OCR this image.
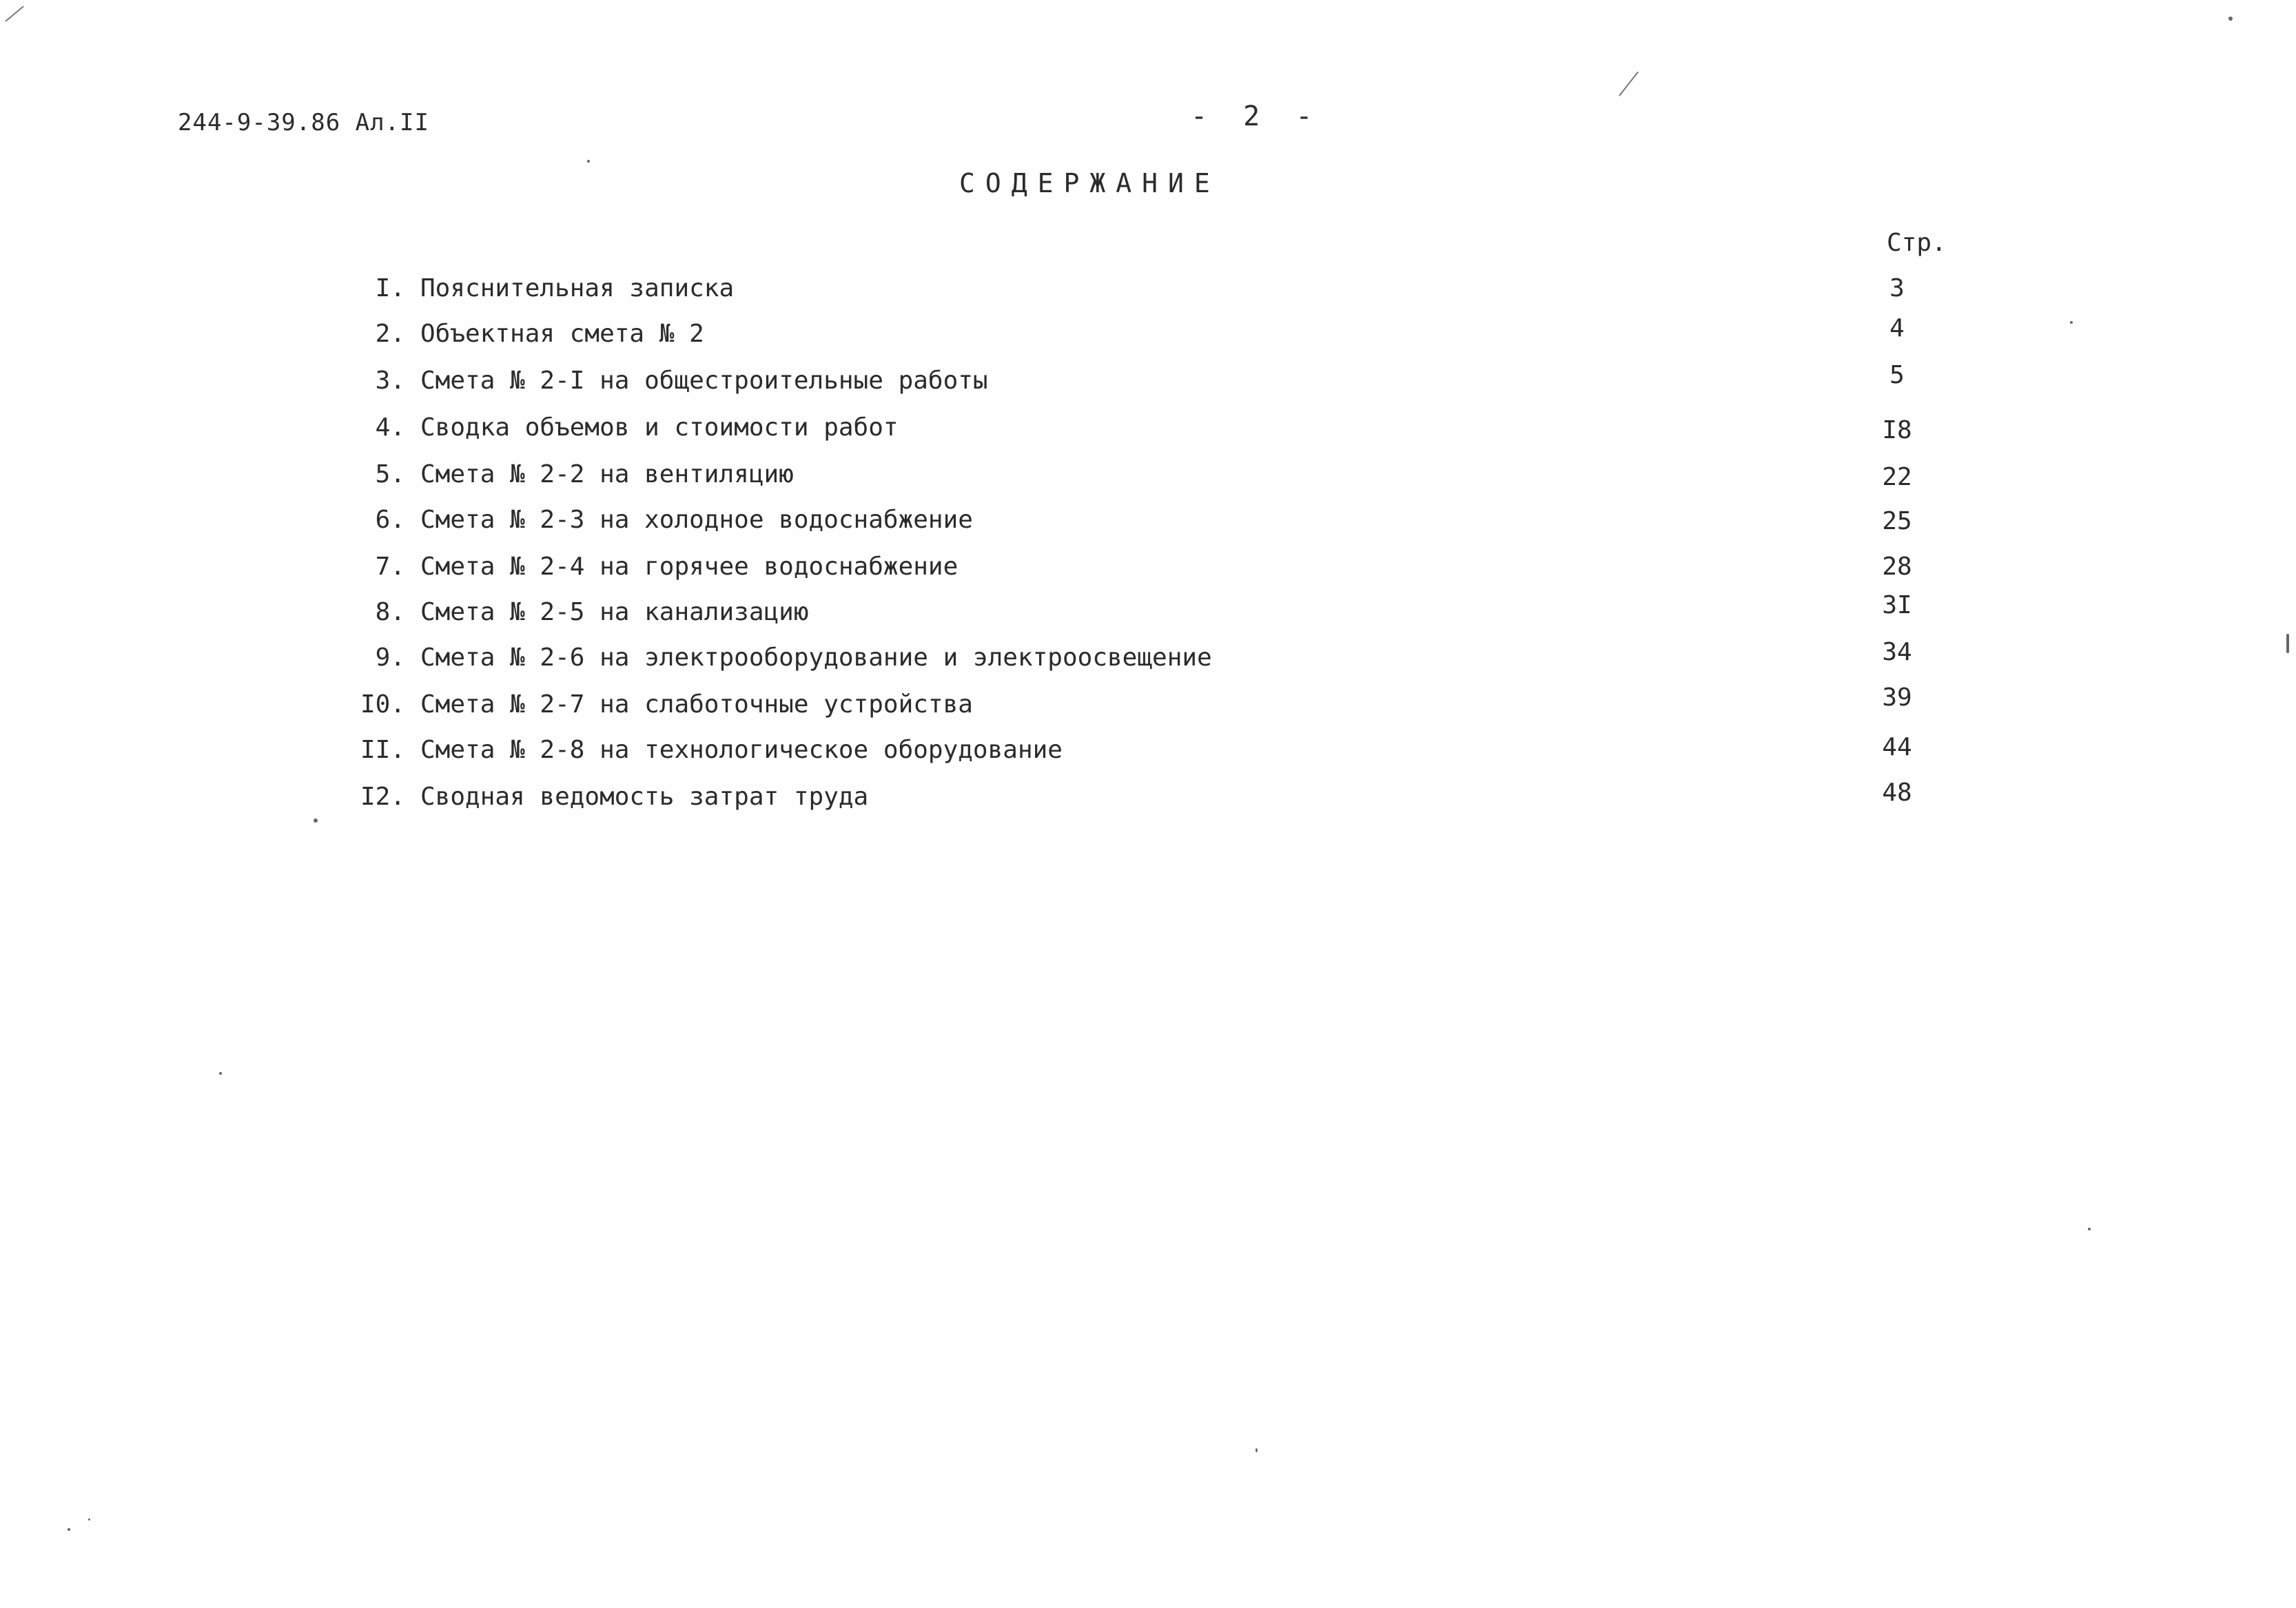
244-9-39.86 Ал.II	- 2 -
СОДЕРЖАНИЕ
Стр.
I. Пояснительная записка	3
2. Объектная смета № 2	4
3. Смета № 2-I на общестроительные работы	5
4. Сводка объемов и стоимости работ	I8
5. Смета № 2-2 на вентиляцию	22
6. Смета № 2-3 на холодное водоснабжение	25
7. Смета № 2-4 на горячее водоснабжение	28
8. Смета № 2-5 на канализацию	3I
9. Смета № 2-6 на электрооборудование и электроосвещение	34
I0. Смета № 2-7 на слаботочные устройства	39
II. Смета № 2-8 на технологическое оборудование	44
I2. Сводная ведомость затрат труда	48
